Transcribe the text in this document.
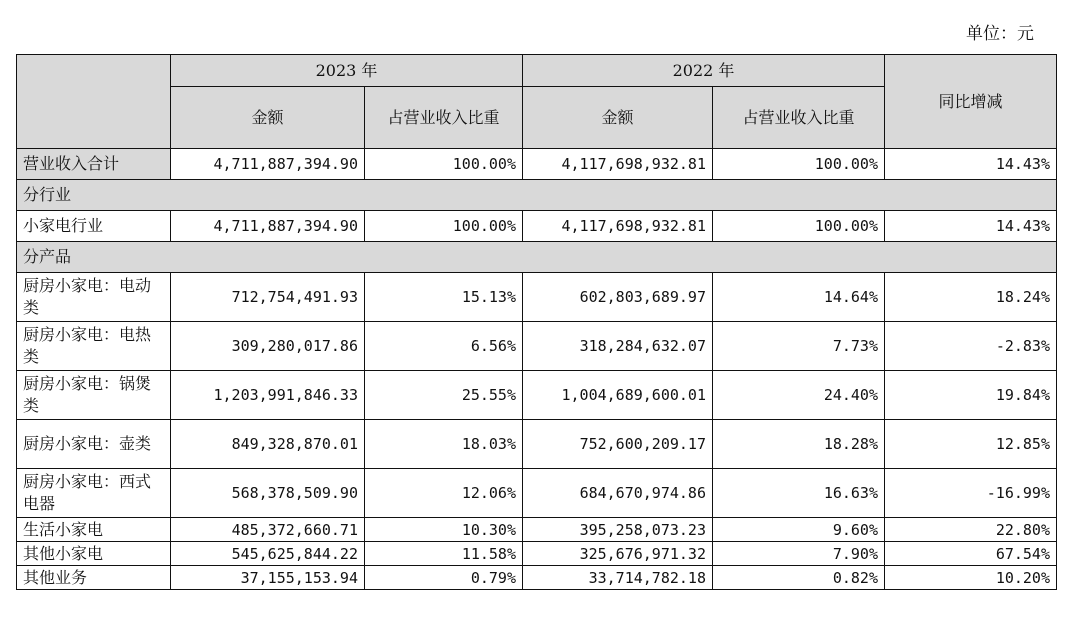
单位：元
	2023 年		2022 年		同比增减
	金额	占营业收入比重	金额	占营业收入比重	
营业收入合计	4,711,887,394.90	100.00%	4,117,698,932.81	100.00%	14.43%
分行业					
小家电行业	4,711,887,394.90	100.00%	4,117,698,932.81	100.00%	14.43%
分产品					
厨房小家电：电动类	712,754,491.93	15.13%	602,803,689.97	14.64%	18.24%
厨房小家电：电热类	309,280,017.86	6.56%	318,284,632.07	7.73%	-2.83%
厨房小家电：锅煲类	1,203,991,846.33	25.55%	1,004,689,600.01	24.40%	19.84%
厨房小家电：壶类	849,328,870.01	18.03%	752,600,209.17	18.28%	12.85%
厨房小家电：西式电器	568,378,509.90	12.06%	684,670,974.86	16.63%	-16.99%
生活小家电	485,372,660.71	10.30%	395,258,073.23	9.60%	22.80%
其他小家电	545,625,844.22	11.58%	325,676,971.32	7.90%	67.54%
其他业务	37,155,153.94	0.79%	33,714,782.18	0.82%	10.20%
